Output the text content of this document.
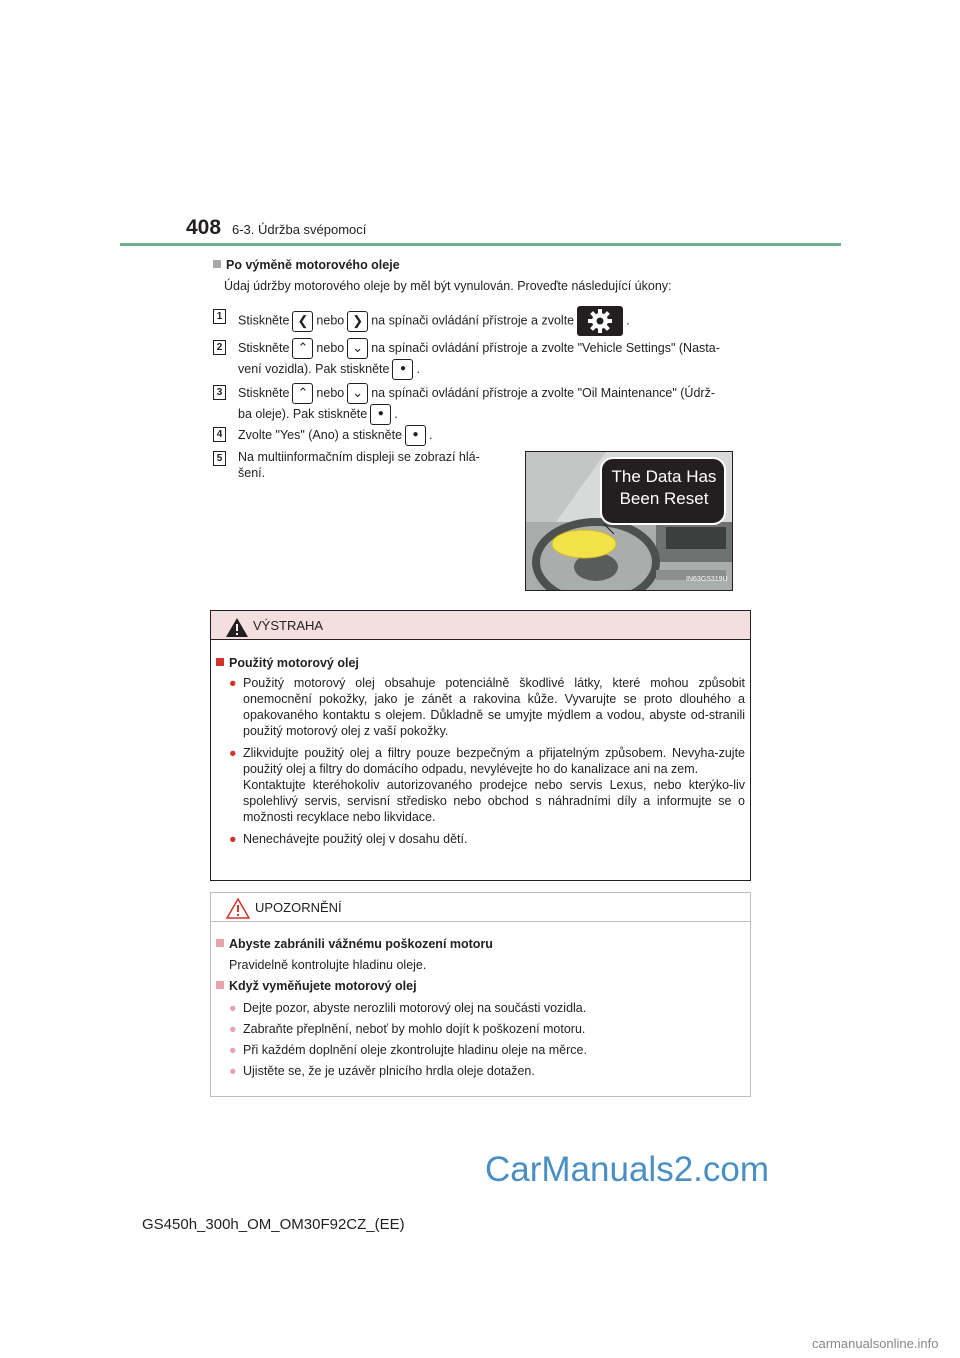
408 6-3. Údržba svépomocí
Po výměně motorového oleje
Údaj údržby motorového oleje by měl být vynulován. Proveďte následující úkony:
1 Stiskněte ❮ nebo ❯ na spínači ovládání přístroje a zvolte	.
2 Stiskněte ⌃ nebo ⌄ na spínači ovládání přístroje a zvolte "Vehicle Settings" (Nasta-
vení vozidla). Pak stiskněte ● .
3 Stiskněte ⌃ nebo ⌄ na spínači ovládání přístroje a zvolte "Oil Maintenance" (Údrž-
ba oleje). Pak stiskněte ● .
4 Zvolte "Yes" (Ano) a stiskněte ● .
5 Na multiinformačním displeji se zobrazí hlá-
šení.	The Data Has
Been Reset
IN63GS319U
VÝSTRAHA
Použitý motorový olej
● Použitý motorový olej obsahuje potenciálně škodlivé látky, které mohou způsobit onemocnění pokožky, jako je zánět a rakovina kůže. Vyvarujte se proto dlouhého a opakovaného kontaktu s olejem. Důkladně se umyjte mýdlem a vodou, abyste od-stranili použitý motorový olej z vaší pokožky.
● Zlikvidujte použitý olej a filtry pouze bezpečným a přijatelným způsobem. Nevyha-zujte použitý olej a filtry do domácího odpadu, nevylévejte ho do kanalizace ani na zem.
Kontaktujte kteréhokoliv autorizovaného prodejce nebo servis Lexus, nebo kterýko-liv spolehlivý servis, servisní středisko nebo obchod s náhradními díly a informujte se o možnosti recyklace nebo likvidace.
● Nenechávejte použitý olej v dosahu dětí.
UPOZORNĚNÍ
Abyste zabránili vážnému poškození motoru
Pravidelně kontrolujte hladinu oleje.
Když vyměňujete motorový olej
● Dejte pozor, abyste nerozlili motorový olej na součásti vozidla.
● Zabraňte přeplnění, neboť by mohlo dojít k poškození motoru.
● Při každém doplnění oleje zkontrolujte hladinu oleje na měrce.
● Ujistěte se, že je uzávěr plnicího hrdla oleje dotažen.
CarManuals2.com
GS450h_300h_OM_OM30F92CZ_(EE)
carmanualsonline.info
